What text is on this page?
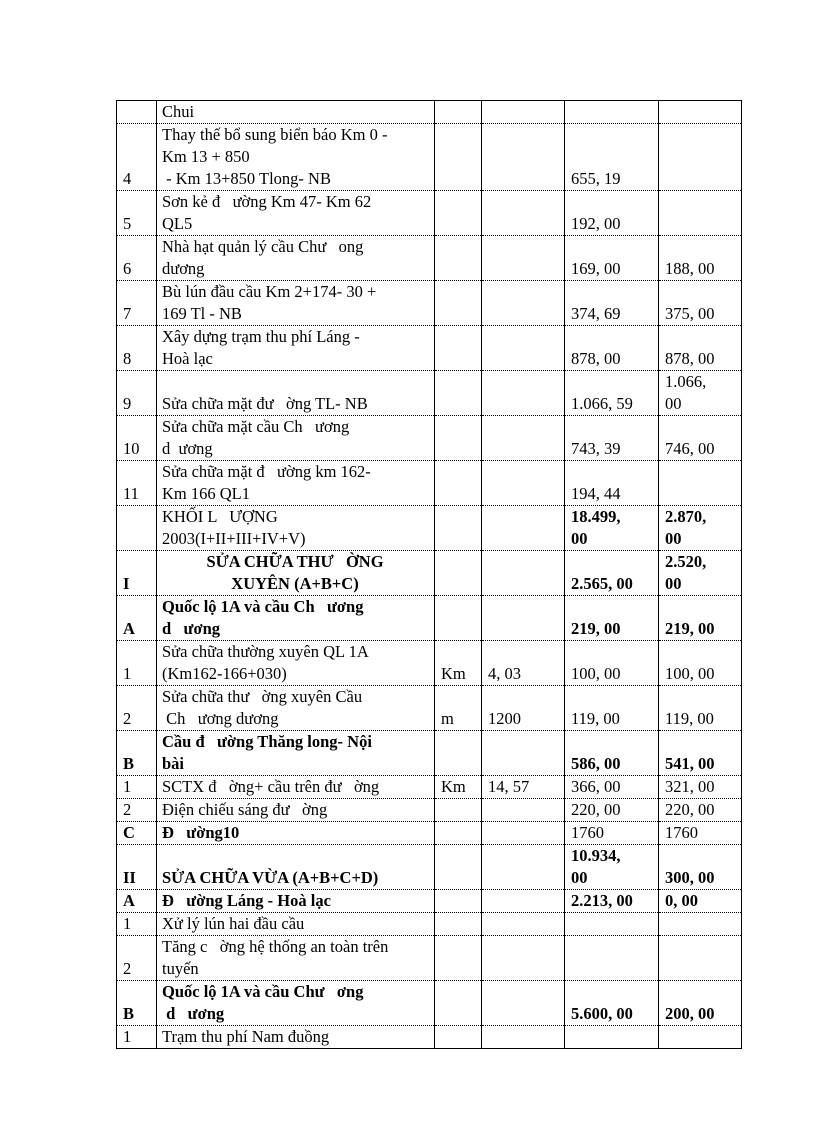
	Chui				
4	Thay thế bổ sung biển báo Km 0 -
Km 13 + 850
- Km 13+850 Tlong- NB			655, 19	
5	Sơn kẻ đ   ường Km 47- Km 62
QL5			192, 00	
6	Nhà hạt quản lý cầu Chư   ong
dương			169, 00	188, 00
7	Bù lún đầu cầu Km 2+174- 30 +
169 Tl - NB			374, 69	375, 00
8	Xây dựng trạm thu phí Láng -
Hoà lạc			878, 00	878, 00
9	Sửa chữa mặt đư   ờng TL- NB			1.066, 59	1.066,
00
10	Sửa chữa mặt cầu Ch   ương
d  ương			743, 39	746, 00
11	Sửa chữa mặt đ   ường km 162-
Km 166 QL1			194, 44	
	KHỐI L   ƯỢNG
2003(I+II+III+IV+V)			18.499,
00	2.870,
00
I	SỬA CHỮA THƯ   ỜNG
XUYÊN (A+B+C)			2.565, 00	2.520,
00
A	Quốc lộ 1A và cầu Ch   ương
d   ương			219, 00	219, 00
1	Sửa chữa thường xuyên QL 1A
(Km162-166+030)	Km	4, 03	100, 00	100, 00
2	Sửa chữa thư   ờng xuyên Cầu
Ch   ương dương	m	1200	119, 00	119, 00
B	Cầu đ   ường Thăng long- Nội
bài			586, 00	541, 00
1	SCTX đ   ờng+ cầu trên đư   ờng	Km	14, 57	366, 00	321, 00
2	Điện chiếu sáng đư   ờng			220, 00	220, 00
C	Đ   ường10			1760	1760
II	SỬA CHỮA VỪA (A+B+C+D)			10.934,
00	300, 00
A	Đ   ường Láng - Hoà lạc			2.213, 00	0, 00
1	Xử lý lún hai đầu cầu				
2	Tăng c   ờng hệ thống an toàn trên
tuyến				
B	Quốc lộ 1A và cầu Chư   ơng
d   ương			5.600, 00	200, 00
1	Trạm thu phí Nam đuồng				
